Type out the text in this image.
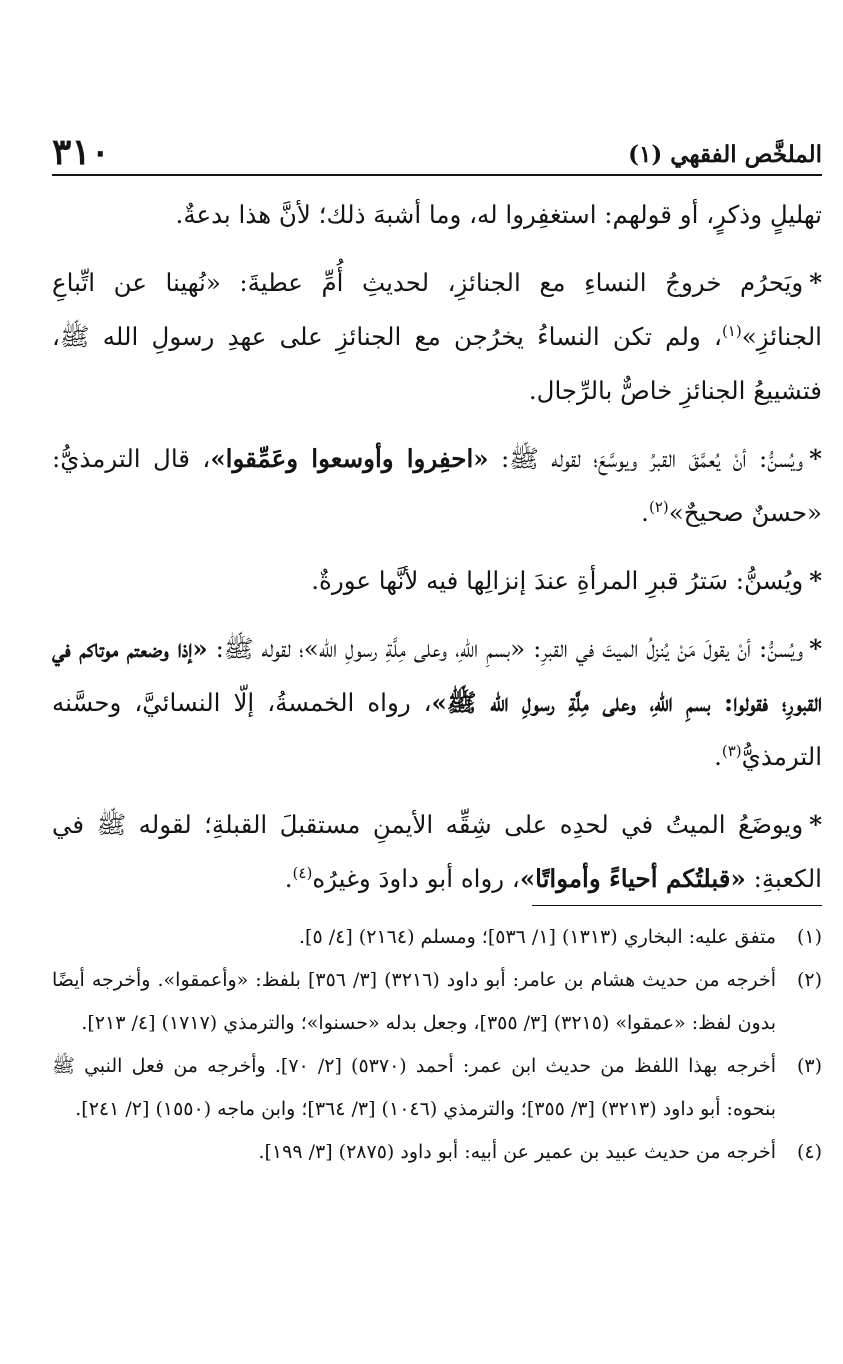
الملخَّص الفقهي (١)
٣١٠

تهليلٍ وذكرٍ، أو قولهم: استغفِروا له، وما أشبهَ ذلك؛ لأنَّ هذا بدعةٌ.

*ويَحرُم خروجُ النساءِ مع الجنائزِ، لحديثِ أُمِّ عطيةَ: «نُهينا عن اتِّباعِ الجنائزِ»$^{(١)}$، ولم تكن النساءُ يخرُجن مع الجنائزِ على عهدِ رسولِ الله ﷺ، فتشييعُ الجنائزِ خاصٌّ بالرِّجال.

*ويُسنُّ: أنْ يُعمَّقَ القبرُ ويوسَّعَ؛ لقوله ﷺ: «احفِروا وأوسعوا وعَمِّقوا»، قال الترمذيُّ: «حسنٌ صحيحٌ»$^{(٢)}$.

*ويُسنُّ: سَترُ قبرِ المرأةِ عندَ إنزالِها فيه لأنَّها عورةٌ.

*ويُسنُّ: أنْ يقولَ مَنْ يُنزلُ الميتَ في القبرِ: «بسمِ اللّٰهِ، وعلى مِلَّةِ رسولِ الله»؛ لقوله ﷺ: «إذا وضعتم موتاكم في القبورِ؛ فقولوا: بسمِ اللّٰهِ، وعلى مِلَّةِ رسولِ الله ﷺ»، رواه الخمسةُ، إلّا النسائيَّ، وحسَّنه الترمذيُّ$^{(٣)}$.

*ويوضَعُ الميتُ في لحدِه على شِقِّه الأيمنِ مستقبلَ القبلةِ؛ لقوله ﷺ في الكعبةِ: «قبلتُكم أحياءً وأمواتًا»، رواه أبو داودَ وغيرُه$^{(٤)}$.

(١)
متفق عليه: البخاري (١٣١٣) [١/ ٥٣٦]؛ ومسلم (٢١٦٤) [٤/ ٥].
(٢)
أخرجه من حديث هشام بن عامر: أبو داود (٣٢١٦) [٣/ ٣٥٦] بلفظ: «وأعمقوا». وأخرجه أيضًا بدون لفظ: «عمقوا» (٣٢١٥) [٣/ ٣٥٥]، وجعل بدله «حسنوا»؛ والترمذي (١٧١٧) [٤/ ٢١٣].
(٣)
أخرجه بهذا اللفظ من حديث ابن عمر: أحمد (٥٣٧٠) [٢/ ٧٠]. وأخرجه من فعل النبي ﷺ بنحوه: أبو داود (٣٢١٣) [٣/ ٣٥٥]؛ والترمذي (١٠٤٦) [٣/ ٣٦٤]؛ وابن ماجه (١٥٥٠) [٢/ ٢٤١].
(٤)
أخرجه من حديث عبيد بن عمير عن أبيه: أبو داود (٢٨٧٥) [٣/ ١٩٩].
